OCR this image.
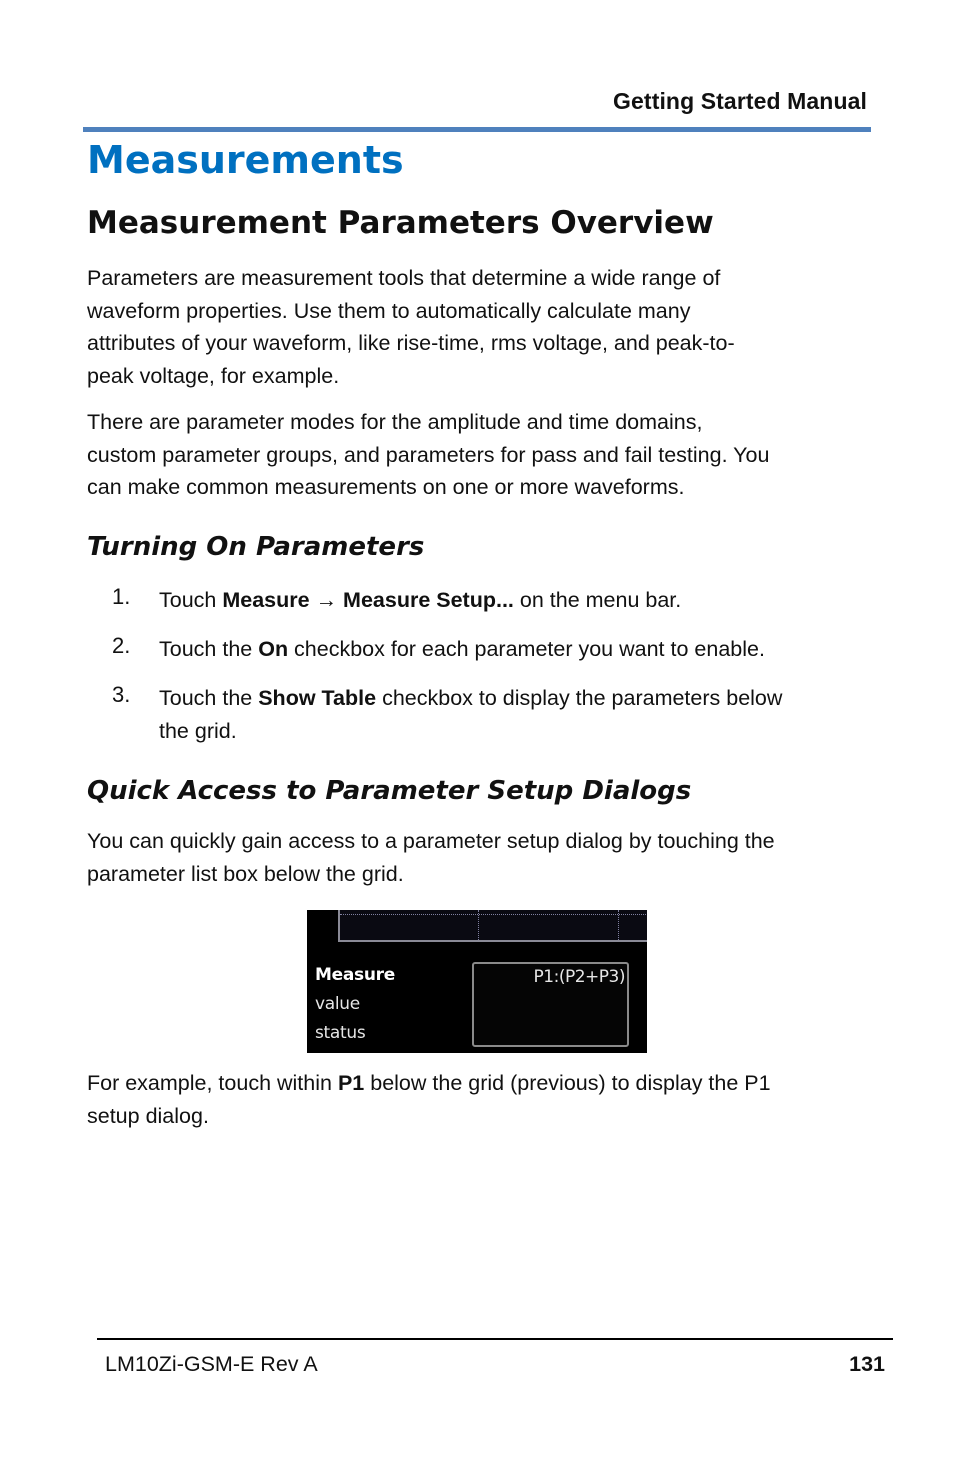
Getting Started Manual
Measurements
Measurement Parameters Overview
Parameters are measurement tools that determine a wide range of
waveform properties. Use them to automatically calculate many
attributes of your waveform, like rise-time, rms voltage, and peak-to-
peak voltage, for example.
There are parameter modes for the amplitude and time domains,
custom parameter groups, and parameters for pass and fail testing. You
can make common measurements on one or more waveforms.
Turning On Parameters
1. Touch Measure → Measure Setup... on the menu bar.
2. Touch the On checkbox for each parameter you want to enable.
3. Touch the Show Table checkbox to display the parameters below
the grid.
Quick Access to Parameter Setup Dialogs
You can quickly gain access to a parameter setup dialog by touching the
parameter list box below the grid.
Measure
value
status
P1:(P2+P3)
For example, touch within P1 below the grid (previous) to display the P1
setup dialog.
LM10Zi-GSM-E Rev A	131
